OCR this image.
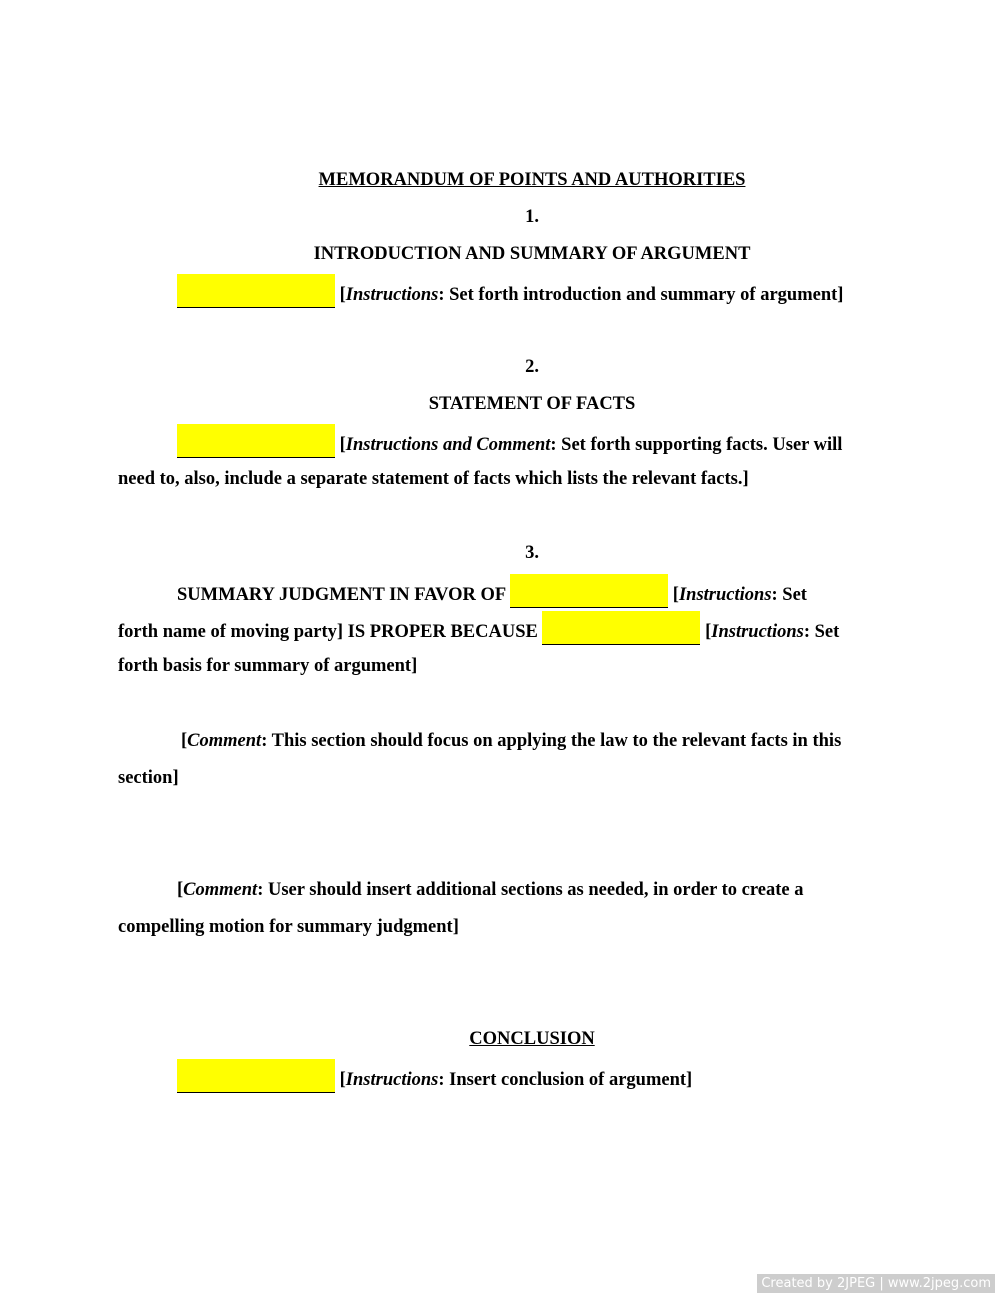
MEMORANDUM OF POINTS AND AUTHORITIES
1.
INTRODUCTION AND SUMMARY OF ARGUMENT
[Instructions: Set forth introduction and summary of argument]
2.
STATEMENT OF FACTS
[Instructions and Comment: Set forth supporting facts. User will
need to, also, include a separate statement of facts which lists the relevant facts.]
3.
SUMMARY JUDGMENT IN FAVOR OF	[Instructions: Set
forth name of moving party] IS PROPER BECAUSE	[Instructions: Set
forth basis for summary of argument]
[Comment: This section should focus on applying the law to the relevant facts in this
section]
[Comment: User should insert additional sections as needed, in order to create a
compelling motion for summary judgment]
CONCLUSION
[Instructions: Insert conclusion of argument]
Created by 2JPEG | www.2jpeg.com
